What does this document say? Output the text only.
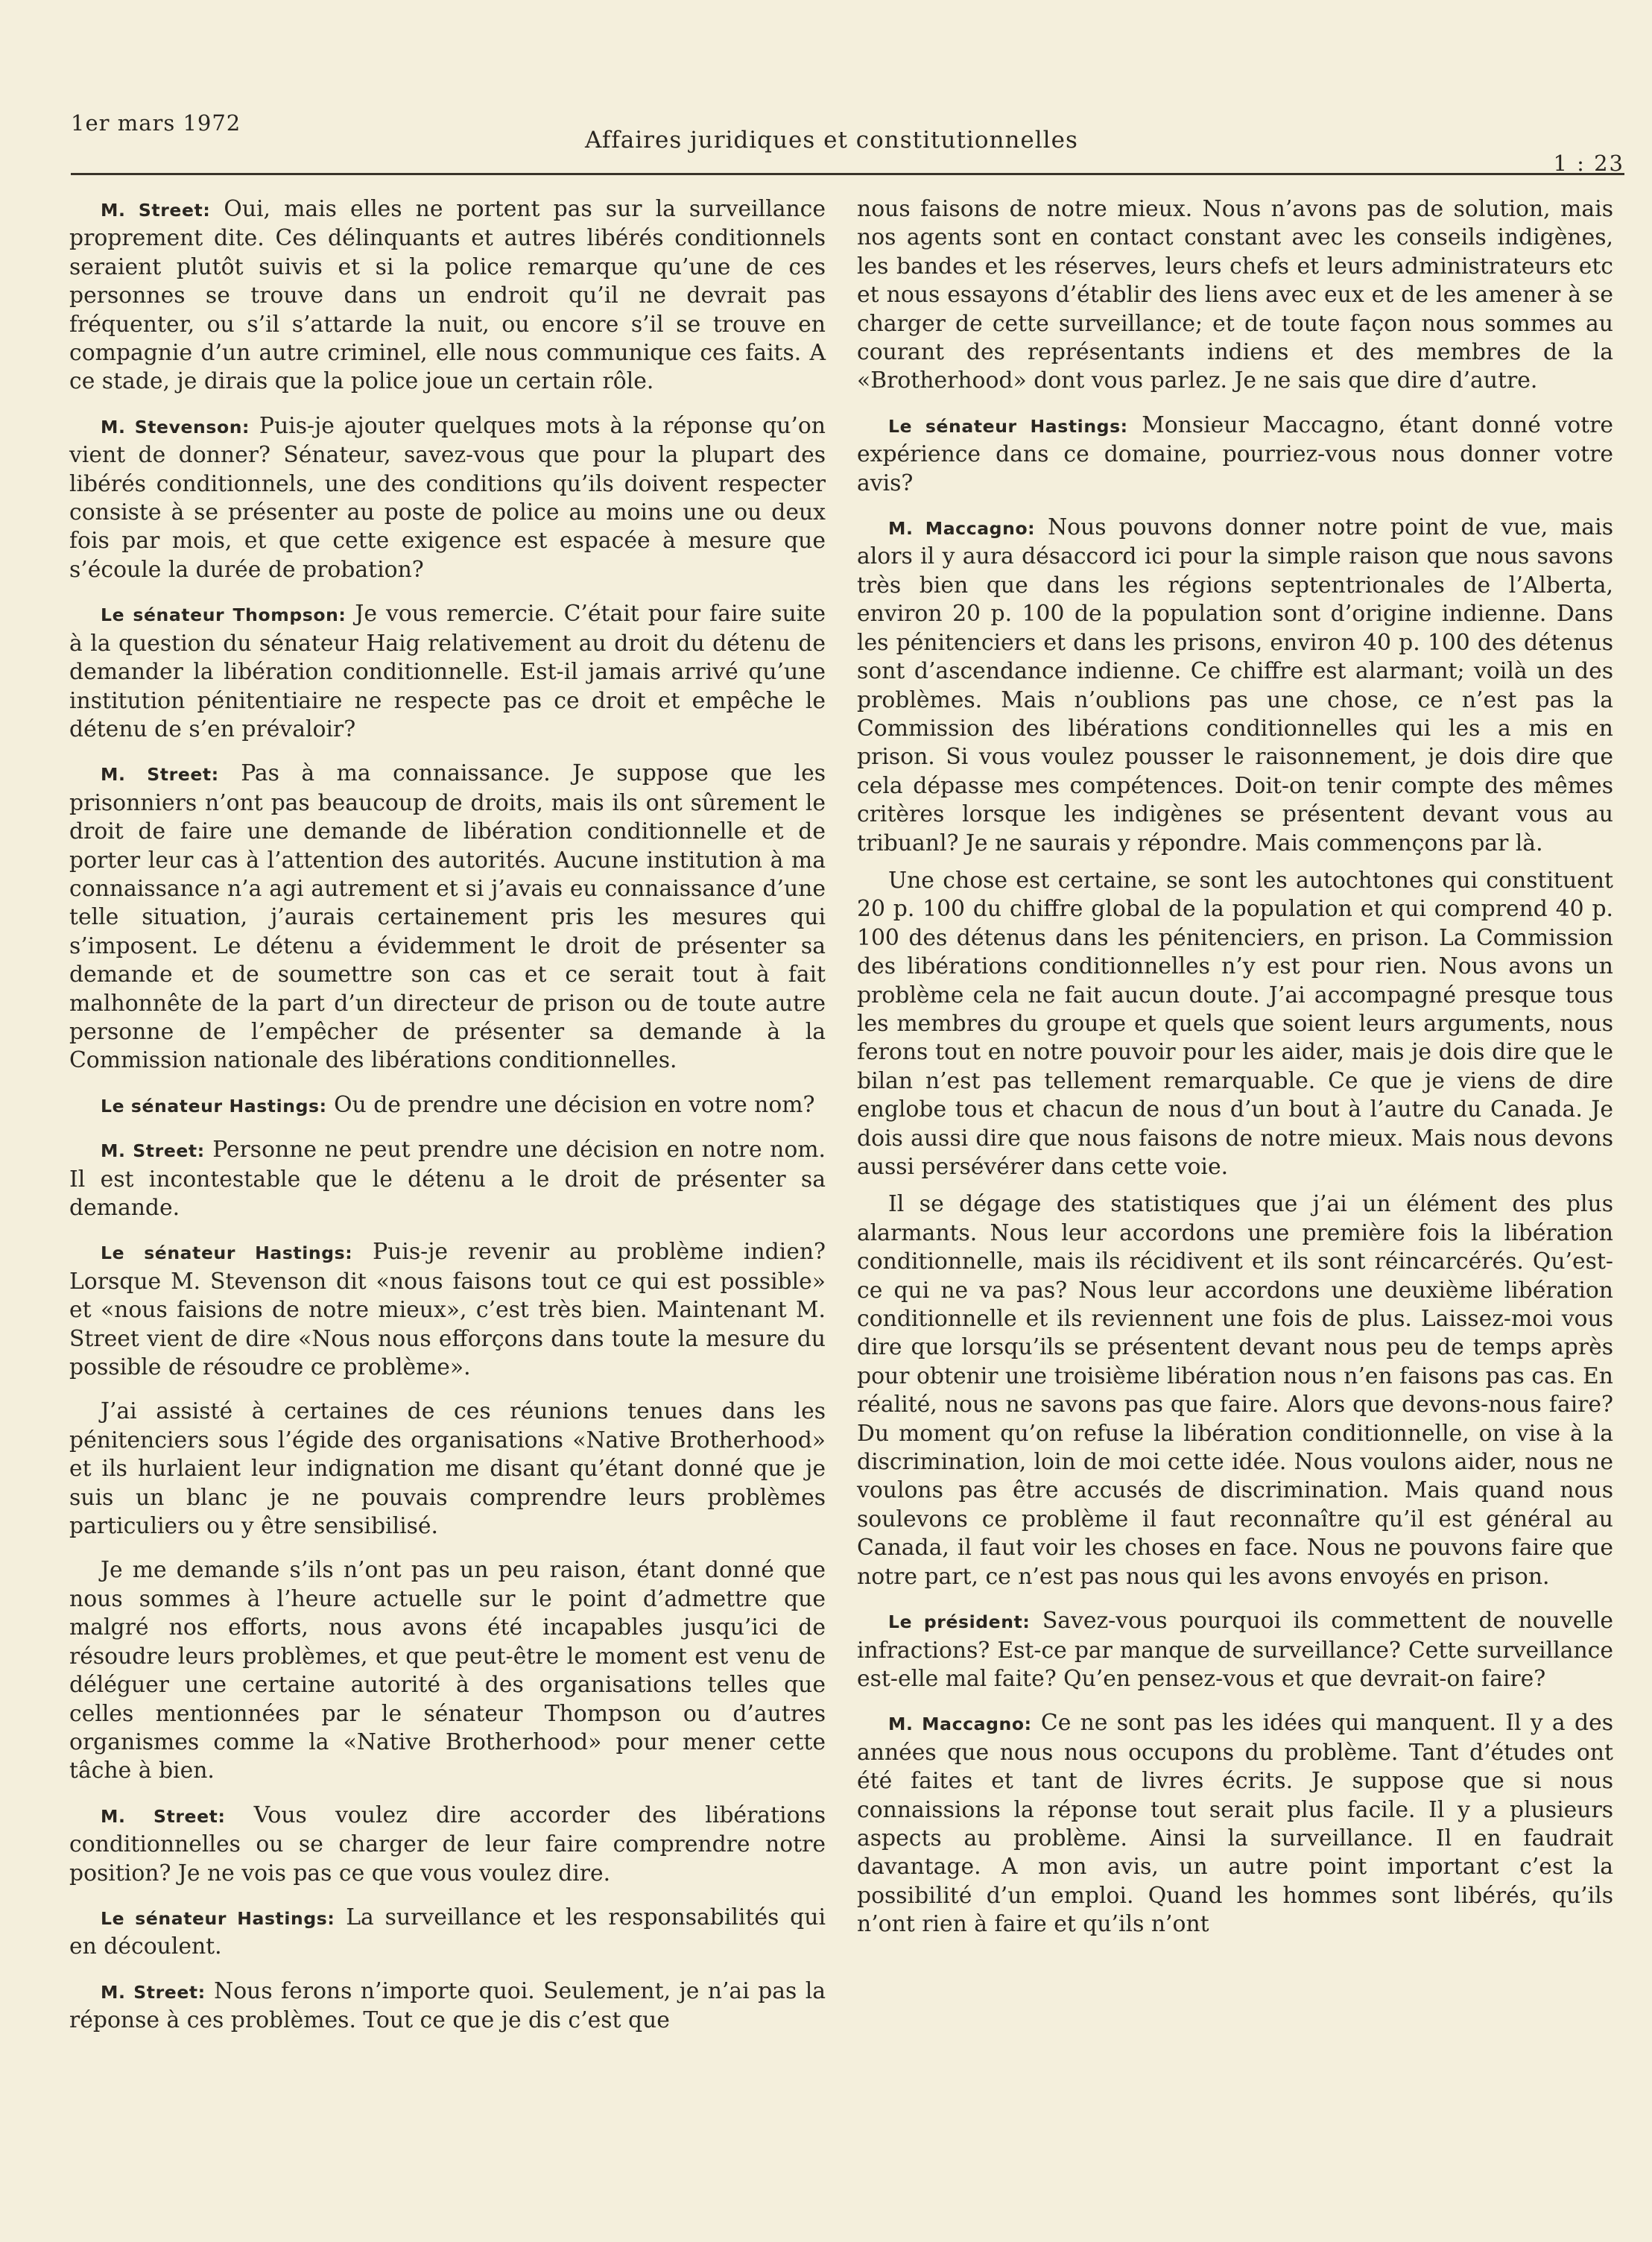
1er mars 1972
Affaires juridiques et constitutionnelles
1 : 23

M. Street: Oui, mais elles ne portent pas sur la surveillance proprement dite. Ces délinquants et autres libérés conditionnels seraient plutôt suivis et si la police remarque qu’une de ces personnes se trouve dans un endroit qu’il ne devrait pas fréquenter, ou s’il s’attarde la nuit, ou encore s’il se trouve en compagnie d’un autre criminel, elle nous communique ces faits. A ce stade, je dirais que la police joue un certain rôle.

M. Stevenson: Puis-je ajouter quelques mots à la réponse qu’on vient de donner? Sénateur, savez-vous que pour la plupart des libérés conditionnels, une des conditions qu’ils doivent respecter consiste à se présenter au poste de police au moins une ou deux fois par mois, et que cette exigence est espacée à mesure que s’écoule la durée de probation?

Le sénateur Thompson: Je vous remercie. C’était pour faire suite à la question du sénateur Haig relativement au droit du détenu de demander la libération conditionnelle. Est-il jamais arrivé qu’une institution pénitentiaire ne respecte pas ce droit et empêche le détenu de s’en prévaloir?

M. Street: Pas à ma connaissance. Je suppose que les prisonniers n’ont pas beaucoup de droits, mais ils ont sûrement le droit de faire une demande de libération conditionnelle et de porter leur cas à l’attention des autorités. Aucune institution à ma connaissance n’a agi autrement et si j’avais eu connaissance d’une telle situation, j’aurais certainement pris les mesures qui s’imposent. Le détenu a évidemment le droit de présenter sa demande et de soumettre son cas et ce serait tout à fait malhonnête de la part d’un directeur de prison ou de toute autre personne de l’empêcher de présenter sa demande à la Commission nationale des libérations conditionnelles.

Le sénateur Hastings: Ou de prendre une décision en votre nom?

M. Street: Personne ne peut prendre une décision en notre nom. Il est incontestable que le détenu a le droit de présenter sa demande.

Le sénateur Hastings: Puis-je revenir au problème indien? Lorsque M. Stevenson dit «nous faisons tout ce qui est possible» et «nous faisions de notre mieux», c’est très bien. Maintenant M. Street vient de dire «Nous nous efforçons dans toute la mesure du possible de résoudre ce problème».

J’ai assisté à certaines de ces réunions tenues dans les pénitenciers sous l’égide des organisations «Native Brotherhood» et ils hurlaient leur indignation me disant qu’étant donné que je suis un blanc je ne pouvais comprendre leurs problèmes particuliers ou y être sensibilisé.

Je me demande s’ils n’ont pas un peu raison, étant donné que nous sommes à l’heure actuelle sur le point d’admettre que malgré nos efforts, nous avons été incapables jusqu’ici de résoudre leurs problèmes, et que peut-être le moment est venu de déléguer une certaine autorité à des organisations telles que celles mentionnées par le sénateur Thompson ou d’autres organismes comme la «Native Brotherhood» pour mener cette tâche à bien.

M. Street: Vous voulez dire accorder des libérations conditionnelles ou se charger de leur faire comprendre notre position? Je ne vois pas ce que vous voulez dire.

Le sénateur Hastings: La surveillance et les responsabilités qui en découlent.

M. Street: Nous ferons n’importe quoi. Seulement, je n’ai pas la réponse à ces problèmes. Tout ce que je dis c’est que

nous faisons de notre mieux. Nous n’avons pas de solution, mais nos agents sont en contact constant avec les conseils indigènes, les bandes et les réserves, leurs chefs et leurs administrateurs etc et nous essayons d’établir des liens avec eux et de les amener à se charger de cette surveillance; et de toute façon nous sommes au courant des représentants indiens et des membres de la «Brotherhood» dont vous parlez. Je ne sais que dire d’autre.

Le sénateur Hastings: Monsieur Maccagno, étant donné votre expérience dans ce domaine, pourriez-vous nous donner votre avis?

M. Maccagno: Nous pouvons donner notre point de vue, mais alors il y aura désaccord ici pour la simple raison que nous savons très bien que dans les régions septentrionales de l’Alberta, environ 20 p. 100 de la population sont d’origine indienne. Dans les pénitenciers et dans les prisons, environ 40 p. 100 des détenus sont d’ascendance indienne. Ce chiffre est alarmant; voilà un des problèmes. Mais n’oublions pas une chose, ce n’est pas la Commission des libérations conditionnelles qui les a mis en prison. Si vous voulez pousser le raisonnement, je dois dire que cela dépasse mes compétences. Doit-on tenir compte des mêmes critères lorsque les indigènes se présentent devant vous au tribuanl? Je ne saurais y répondre. Mais commençons par là.

Une chose est certaine, se sont les autochtones qui constituent 20 p. 100 du chiffre global de la population et qui comprend 40 p. 100 des détenus dans les pénitenciers, en prison. La Commission des libérations conditionnelles n’y est pour rien. Nous avons un problème cela ne fait aucun doute. J’ai accompagné presque tous les membres du groupe et quels que soient leurs arguments, nous ferons tout en notre pouvoir pour les aider, mais je dois dire que le bilan n’est pas tellement remarquable. Ce que je viens de dire englobe tous et chacun de nous d’un bout à l’autre du Canada. Je dois aussi dire que nous faisons de notre mieux. Mais nous devons aussi persévérer dans cette voie.

Il se dégage des statistiques que j’ai un élément des plus alarmants. Nous leur accordons une première fois la libération conditionnelle, mais ils récidivent et ils sont réincarcérés. Qu’est-ce qui ne va pas? Nous leur accordons une deuxième libération conditionnelle et ils reviennent une fois de plus. Laissez-moi vous dire que lorsqu’ils se présentent devant nous peu de temps après pour obtenir une troisième libération nous n’en faisons pas cas. En réalité, nous ne savons pas que faire. Alors que devons-nous faire? Du moment qu’on refuse la libération conditionnelle, on vise à la discrimination, loin de moi cette idée. Nous voulons aider, nous ne voulons pas être accusés de discrimination. Mais quand nous soulevons ce problème il faut reconnaître qu’il est général au Canada, il faut voir les choses en face. Nous ne pouvons faire que notre part, ce n’est pas nous qui les avons envoyés en prison.

Le président: Savez-vous pourquoi ils commettent de nouvelle infractions? Est-ce par manque de surveillance? Cette surveillance est-elle mal faite? Qu’en pensez-vous et que devrait-on faire?

M. Maccagno: Ce ne sont pas les idées qui manquent. Il y a des années que nous nous occupons du problème. Tant d’études ont été faites et tant de livres écrits. Je suppose que si nous connaissions la réponse tout serait plus facile. Il y a plusieurs aspects au problème. Ainsi la surveillance. Il en faudrait davantage. A mon avis, un autre point important c’est la possibilité d’un emploi. Quand les hommes sont libérés, qu’ils n’ont rien à faire et qu’ils n’ont
